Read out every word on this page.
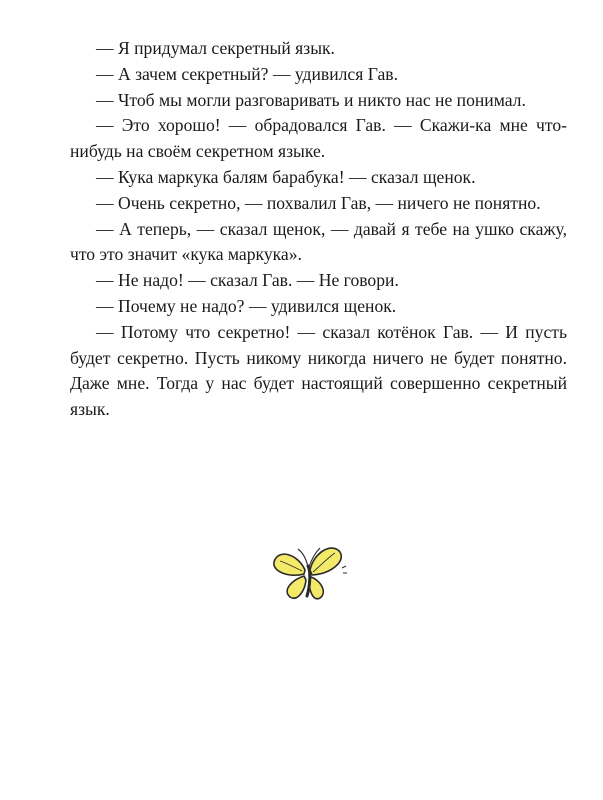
— Я придумал секретный язык.

— А зачем секретный? — удивился Гав.

— Чтоб мы могли разговаривать и никто нас не понимал.

— Это хорошо! — обрадовался Гав. — Скажи-ка мне что-нибудь на своём секретном языке.

— Кука маркука балям барабука! — сказал щенок.

— Очень секретно, — похвалил Гав, — ничего не понятно.

— А теперь, — сказал щенок, — давай я тебе на ушко скажу, что это значит «кука маркука».

— Не надо! — сказал Гав. — Не говори.

— Почему не надо? — удивился щенок.

— Потому что секретно! — сказал котёнок Гав. — И пусть будет секретно. Пусть никому никогда ничего не будет понятно. Даже мне. Тогда у нас будет настоящий совершенно секретный язык.
